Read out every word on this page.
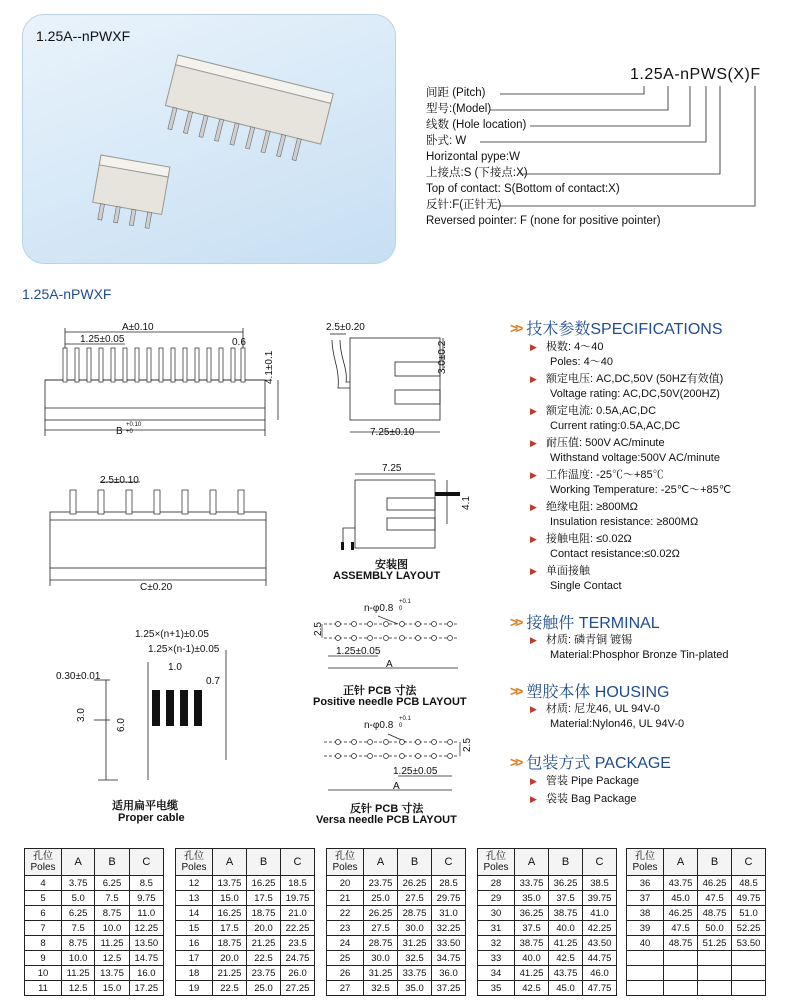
1.25A--nPWXF
1.25A-nPWS(X)F
间距 (Pitch)
型号:(Model)
线数 (Hole location)
卧式: W
Horizontal pype:W
上接点:S (下接点:X)
Top of contact: S(Bottom of contact:X)
反针:F(正针无)
Reversed pointer: F (none for positive pointer)
1.25A-nPWXF
A±0.10
1.25±0.05	0.6
B
+0.10
+0
4.1±0.1
2.5±0.20
3.0±0.2
7.25±0.10
2.5±0.10
C±0.20
7.25
4.1
安装图
ASSEMBLY LAYOUT
1.25×(n+1)±0.05
1.25×(n-1)±0.05
1.0
0.7
0.30±0.01
3.0
6.0
适用扁平电缆
Proper cable
n-φ0.8
+0.1
0
2.5
1.25±0.05
A
正针 PCB 寸法
Positive needle PCB LAYOUT
n-φ0.8
+0.1
0
2.5
1.25±0.05
A
反针 PCB 寸法
Versa needle PCB LAYOUT
>> 技术参数SPECIFICATIONS
▶ 极数: 4～40
Poles: 4～40
▶ 额定电压: AC,DC,50V (50HZ有效值)
Voltage rating: AC,DC,50V(200HZ)
▶ 额定电流: 0.5A,AC,DC
Current rating:0.5A,AC,DC
▶ 耐压值: 500V AC/minute
Withstand voltage:500V AC/minute
▶ 工作温度: -25℃～+85℃
Working Temperature: -25℃～+85℃
▶ 绝缘电阻: ≥800MΩ
Insulation resistance: ≥800MΩ
▶ 接触电阻: ≤0.02Ω
Contact resistance:≤0.02Ω
▶ 单面接触
Single Contact
>> 接触件 TERMINAL
▶ 材质: 磷青铜 镀锡
Material:Phosphor Bronze Tin-plated
>> 塑胶本体 HOUSING
▶ 材质: 尼龙46, UL 94V-0
Material:Nylon46, UL 94V-0
>> 包装方式 PACKAGE
▶ 管装 Pipe Package
▶ 袋装 Bag Package
孔位
Poles	A	B	C
4	3.75	6.25	8.5
5	5.0	7.5	9.75
6	6.25	8.75	11.0
7	7.5	10.0	12.25
8	8.75	11.25	13.50
9	10.0	12.5	14.75
10	11.25	13.75	16.0
11	12.5	15.0	17.25
孔位
Poles	A	B	C
12	13.75	16.25	18.5
13	15.0	17.5	19.75
14	16.25	18.75	21.0
15	17.5	20.0	22.25
16	18.75	21.25	23.5
17	20.0	22.5	24.75
18	21.25	23.75	26.0
19	22.5	25.0	27.25
孔位
Poles	A	B	C
20	23.75	26.25	28.5
21	25.0	27.5	29.75
22	26.25	28.75	31.0
23	27.5	30.0	32.25
24	28.75	31.25	33.50
25	30.0	32.5	34.75
26	31.25	33.75	36.0
27	32.5	35.0	37.25
孔位
Poles	A	B	C
28	33.75	36.25	38.5
29	35.0	37.5	39.75
30	36.25	38.75	41.0
31	37.5	40.0	42.25
32	38.75	41.25	43.50
33	40.0	42.5	44.75
34	41.25	43.75	46.0
35	42.5	45.0	47.75
孔位
Poles	A	B	C
36	43.75	46.25	48.5
37	45.0	47.5	49.75
38	46.25	48.75	51.0
39	47.5	50.0	52.25
40	48.75	51.25	53.50
